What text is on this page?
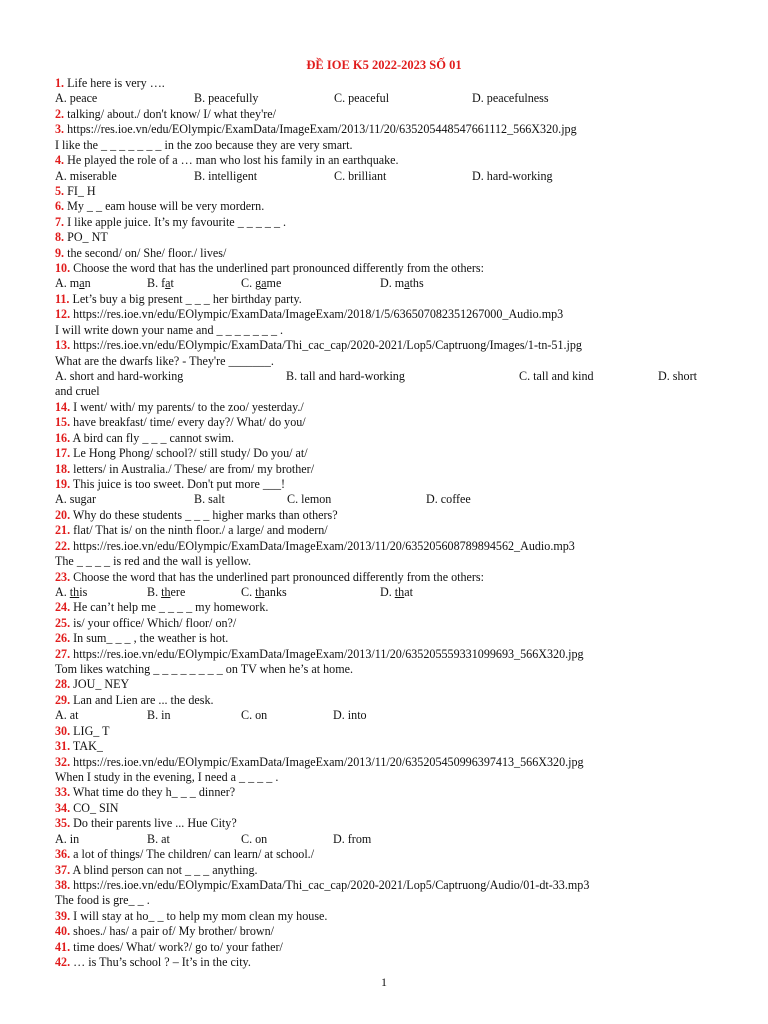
ĐỀ IOE K5 2022-2023 SỐ 01
1. Life here is very ….
A. peace	B. peacefully	C. peaceful	D. peacefulness
2. talking/ about./ don't know/ I/ what they're/
3. https://res.ioe.vn/edu/EOlympic/ExamData/ImageExam/2013/11/20/635205448547661112_566X320.jpg
I like the _ _ _ _ _ _ _ in the zoo because they are very smart.
4. He played the role of a … man who lost his family in an earthquake.
A. miserable	B. intelligent	C. brilliant	D. hard-working
5. FI_ H
6. My _ _ eam house will be very mordern.
7. I like apple juice. It’s my favourite _ _ _ _ _ .
8. PO_ NT
9. the second/ on/ She/ floor./ lives/
10. Choose the word that has the underlined part pronounced differently from the others:
A. man	B. fat	C. game	D. maths
11. Let’s buy a big present _ _ _ her birthday party.
12. https://res.ioe.vn/edu/EOlympic/ExamData/ImageExam/2018/1/5/636507082351267000_Audio.mp3
I will write down your name and _ _ _ _ _ _ _ .
13. https://res.ioe.vn/edu/EOlympic/ExamData/Thi_cac_cap/2020-2021/Lop5/Captruong/Images/1-tn-51.jpg
What are the dwarfs like? - They're _______.
A. short and hard-working	B. tall and hard-working	C. tall and kind	D. short
and cruel
14. I went/ with/ my parents/ to the zoo/ yesterday./
15. have breakfast/ time/ every day?/ What/ do you/
16. A bird can fly _ _ _ cannot swim.
17. Le Hong Phong/ school?/ still study/ Do you/ at/
18. letters/ in Australia./ These/ are from/ my brother/
19. This juice is too sweet. Don't put more ___!
A. sugar	B. salt	C. lemon	D. coffee
20. Why do these students _ _ _ higher marks than others?
21. flat/ That is/ on the ninth floor./ a large/ and modern/
22. https://res.ioe.vn/edu/EOlympic/ExamData/ImageExam/2013/11/20/635205608789894562_Audio.mp3
The _ _ _ _ is red and the wall is yellow.
23. Choose the word that has the underlined part pronounced differently from the others:
A. this	B. there	C. thanks	D. that
24. He can’t help me _ _ _ _ my homework.
25. is/ your office/ Which/ floor/ on?/
26. In sum_ _ _ , the weather is hot.
27. https://res.ioe.vn/edu/EOlympic/ExamData/ImageExam/2013/11/20/635205559331099693_566X320.jpg
Tom likes watching _ _ _ _ _ _ _ _ on TV when he’s at home.
28. JOU_ NEY
29. Lan and Lien are ... the desk.
A. at	B. in	C. on	D. into
30. LIG_ T
31. TAK_
32. https://res.ioe.vn/edu/EOlympic/ExamData/ImageExam/2013/11/20/635205450996397413_566X320.jpg
When I study in the evening, I need a _ _ _ _ .
33. What time do they h_ _ _ dinner?
34. CO_ SIN
35. Do their parents live ... Hue City?
A. in	B. at	C. on	D. from
36. a lot of things/ The children/ can learn/ at school./
37. A blind person can not _ _ _ anything.
38. https://res.ioe.vn/edu/EOlympic/ExamData/Thi_cac_cap/2020-2021/Lop5/Captruong/Audio/01-dt-33.mp3
The food is gre_ _ .
39. I will stay at ho_ _ to help my mom clean my house.
40. shoes./ has/ a pair of/ My brother/ brown/
41. time does/ What/ work?/ go to/ your father/
42. … is Thu’s school ? – It’s in the city.
1
